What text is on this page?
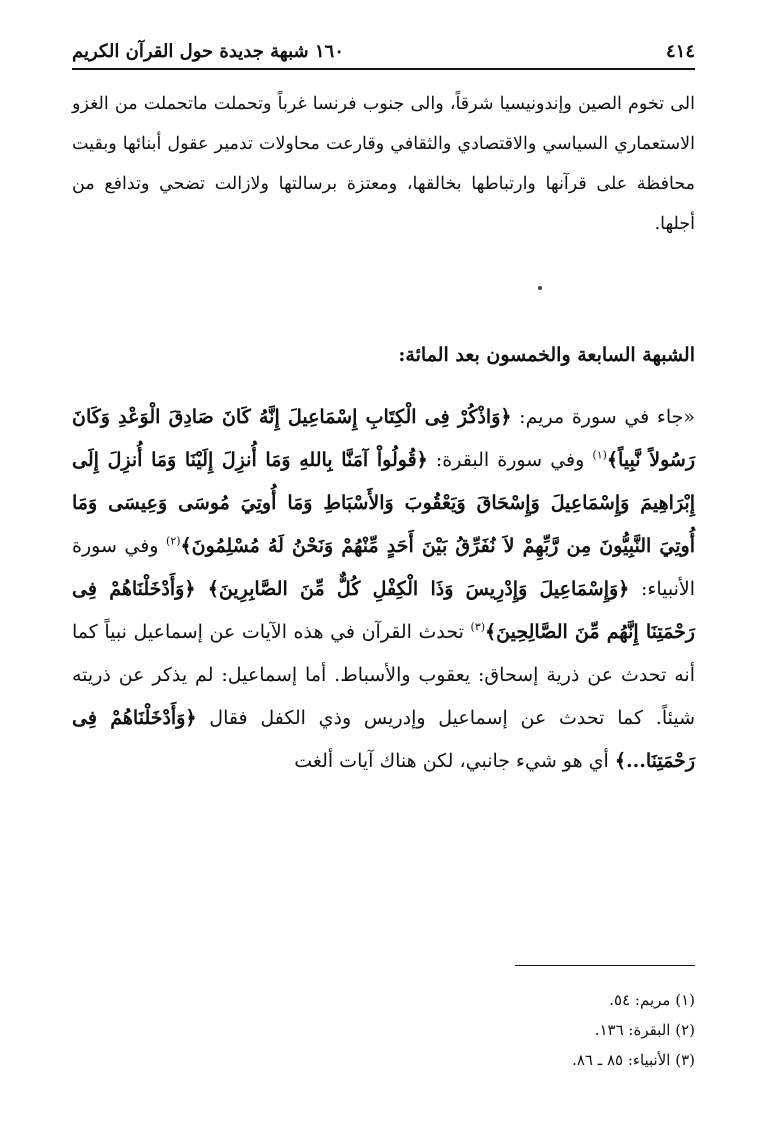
٤١٤
١٦٠ شبهة جديدة حول القرآن الكريم

الى تخوم الصين وإندونيسيا شرقاً، والى جنوب فرنسا غرباً وتحملت ماتحملت من الغزو الاستعماري السياسي والاقتصادي والثقافي وقارعت محاولات تدمير عقول أبنائها وبقيت محافظة على قرآنها وارتباطها بخالقها، ومعتزة برسالتها ولازالت تضحي وتدافع من أجلها.

الشبهة السابعة والخمسون بعد المائة:

«جاء في سورة مريم: ﴿وَاذْكُرْ فِى الْكِتَابِ إِسْمَاعِيلَ إِنَّهُ كَانَ صَادِقَ الْوَعْدِ وَكَانَ رَسُولاً نَّبِياً﴾$^{(١)}$ وفي سورة البقرة: ﴿قُولُواْ آمَنَّا بِاللهِ وَمَا أُنزِلَ إِلَيْنَا وَمَا أُنزِلَ إِلَى إِبْرَاهِيمَ وَإِسْمَاعِيلَ وَإِسْحَاقَ وَيَعْقُوبَ وَالأَسْبَاطِ وَمَا أُوتِيَ مُوسَى وَعِيسَى وَمَا أُوتِيَ النَّبِيُّونَ مِن رَّبِّهِمْ لاَ نُفَرِّقُ بَيْنَ أَحَدٍ مِّنْهُمْ وَنَحْنُ لَهُ مُسْلِمُونَ﴾$^{(٢)}$ وفي سورة الأنبياء: ﴿وَإِسْمَاعِيلَ وَإِدْرِيسَ وَذَا الْكِفْلِ كُلٌّ مِّنَ الصَّابِرِينَ﴾ ﴿وَأَدْخَلْنَاهُمْ فِى رَحْمَتِنَا إِنَّهُم مِّنَ الصَّالِحِينَ﴾$^{(٣)}$ تحدث القرآن في هذه الآيات عن إسماعيل نبياً كما أنه تحدث عن ذرية إسحاق: يعقوب والأسباط. أما إسماعيل: لم يذكر عن ذريته شيئاً. كما تحدث عن إسماعيل وإدريس وذي الكفل فقال ﴿وَأَدْخَلْنَاهُمْ فِى رَحْمَتِنَا...﴾ أي هو شيء جانبي، لكن هناك آيات ألغت

(١) مريم: ٥٤.
(٢) البقرة: ١٣٦.
(٣) الأنبياء: ٨٥ ـ ٨٦.
